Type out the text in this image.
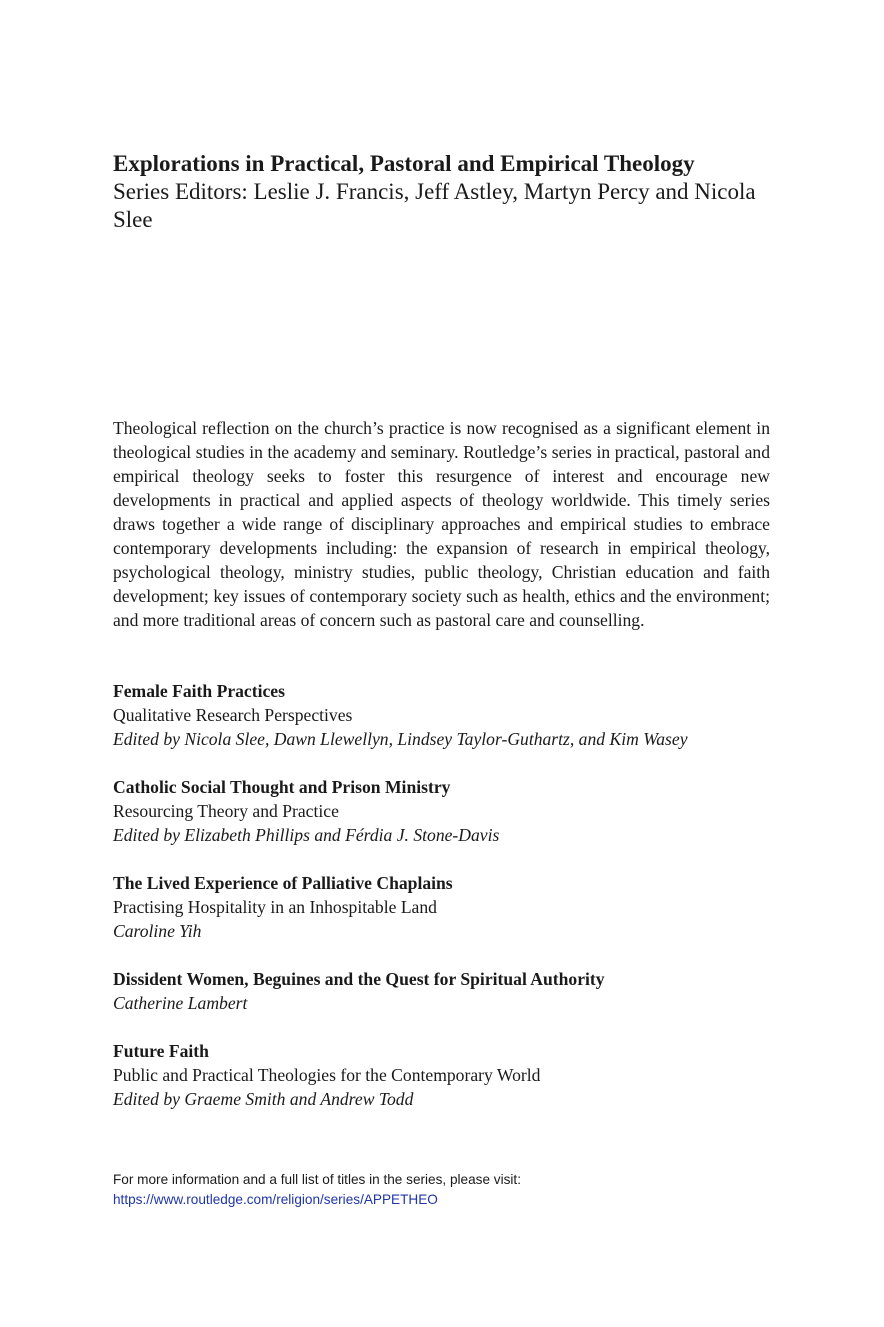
Explorations in Practical, Pastoral and Empirical Theology

Series Editors: Leslie J. Francis, Jeff Astley, Martyn Percy and Nicola Slee

Theological reflection on the church’s practice is now recognised as a significant element in theological studies in the academy and seminary. Routledge’s series in practical, pastoral and empirical theology seeks to foster this resurgence of interest and encourage new developments in practical and applied aspects of theology worldwide. This timely series draws together a wide range of disciplinary approaches and empirical studies to embrace contemporary developments including: the expansion of research in empirical theology, psychological theology, ministry studies, public theology, Christian education and faith development; key issues of contemporary society such as health, ethics and the environment; and more traditional areas of concern such as pastoral care and counselling.

Female Faith Practices
Qualitative Research Perspectives
Edited by Nicola Slee, Dawn Llewellyn, Lindsey Taylor-Guthartz, and Kim Wasey
Catholic Social Thought and Prison Ministry
Resourcing Theory and Practice
Edited by Elizabeth Phillips and Férdia J. Stone-Davis
The Lived Experience of Palliative Chaplains
Practising Hospitality in an Inhospitable Land
Caroline Yih
Dissident Women, Beguines and the Quest for Spiritual Authority
Catherine Lambert
Future Faith
Public and Practical Theologies for the Contemporary World
Edited by Graeme Smith and Andrew Todd

For more information and a full list of titles in the series, please visit: https://www.routledge.com/religion/series/APPETHEO
